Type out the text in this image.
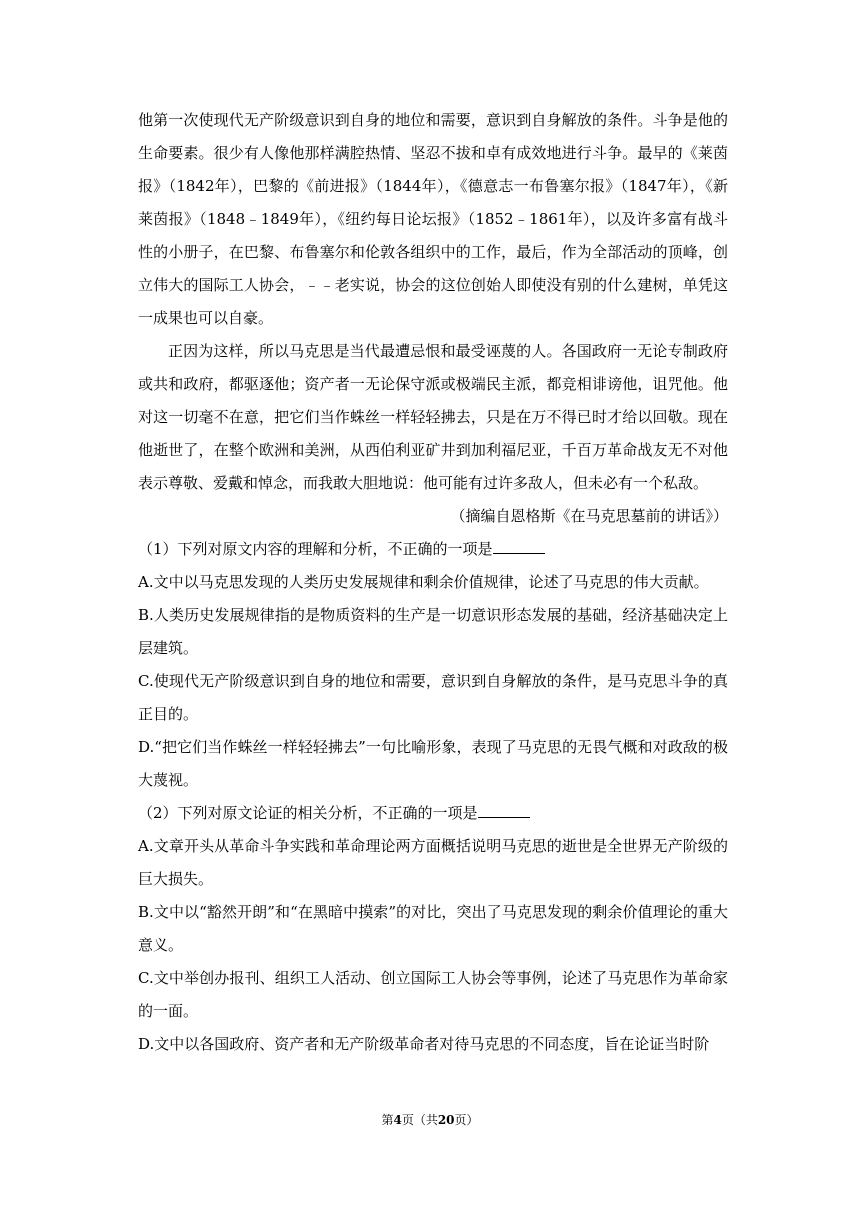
他第一次使现代无产阶级意识到自身的地位和需要，意识到自身解放的条件。斗争是他的生命要素。很少有人像他那样满腔热情、坚忍不拔和卓有成效地进行斗争。最早的《莱茵报》（1842年），巴黎的《前进报》（1844年），《德意志一布鲁塞尔报》（1847年），《新莱茵报》（1848﹣1849年），《纽约每日论坛报》（1852﹣1861年），以及许多富有战斗性的小册子，在巴黎、布鲁塞尔和伦敦各组织中的工作，最后，作为全部活动的顶峰，创立伟大的国际工人协会，﹣﹣老实说，协会的这位创始人即使没有别的什么建树，单凭这一成果也可以自豪。

正因为这样，所以马克思是当代最遭忌恨和最受诬蔑的人。各国政府一无论专制政府或共和政府，都驱逐他；资产者一无论保守派或极端民主派，都竞相诽谤他，诅咒他。他对这一切毫不在意，把它们当作蛛丝一样轻轻拂去，只是在万不得已时才给以回敬。现在他逝世了，在整个欧洲和美洲，从西伯利亚矿井到加利福尼亚，千百万革命战友无不对他表示尊敬、爱戴和悼念，而我敢大胆地说：他可能有过许多敌人，但未必有一个私敌。

（摘编自恩格斯《在马克思墓前的讲话》）

（1）下列对原文内容的理解和分析，不正确的一项是

A.文中以马克思发现的人类历史发展规律和剩余价值规律，论述了马克思的伟大贡献。

B.人类历史发展规律指的是物质资料的生产是一切意识形态发展的基础，经济基础决定上层建筑。

C.使现代无产阶级意识到自身的地位和需要，意识到自身解放的条件，是马克思斗争的真正目的。

D.“把它们当作蛛丝一样轻轻拂去”一句比喻形象，表现了马克思的无畏气概和对政敌的极大蔑视。

（2）下列对原文论证的相关分析，不正确的一项是

A.文章开头从革命斗争实践和革命理论两方面概括说明马克思的逝世是全世界无产阶级的巨大损失。

B.文中以“豁然开朗”和“在黑暗中摸索”的对比，突出了马克思发现的剩余价值理论的重大意义。

C.文中举创办报刊、组织工人活动、创立国际工人协会等事例，论述了马克思作为革命家的一面。

D.文中以各国政府、资产者和无产阶级革命者对待马克思的不同态度，旨在论证当时阶

第4页（共20页）
